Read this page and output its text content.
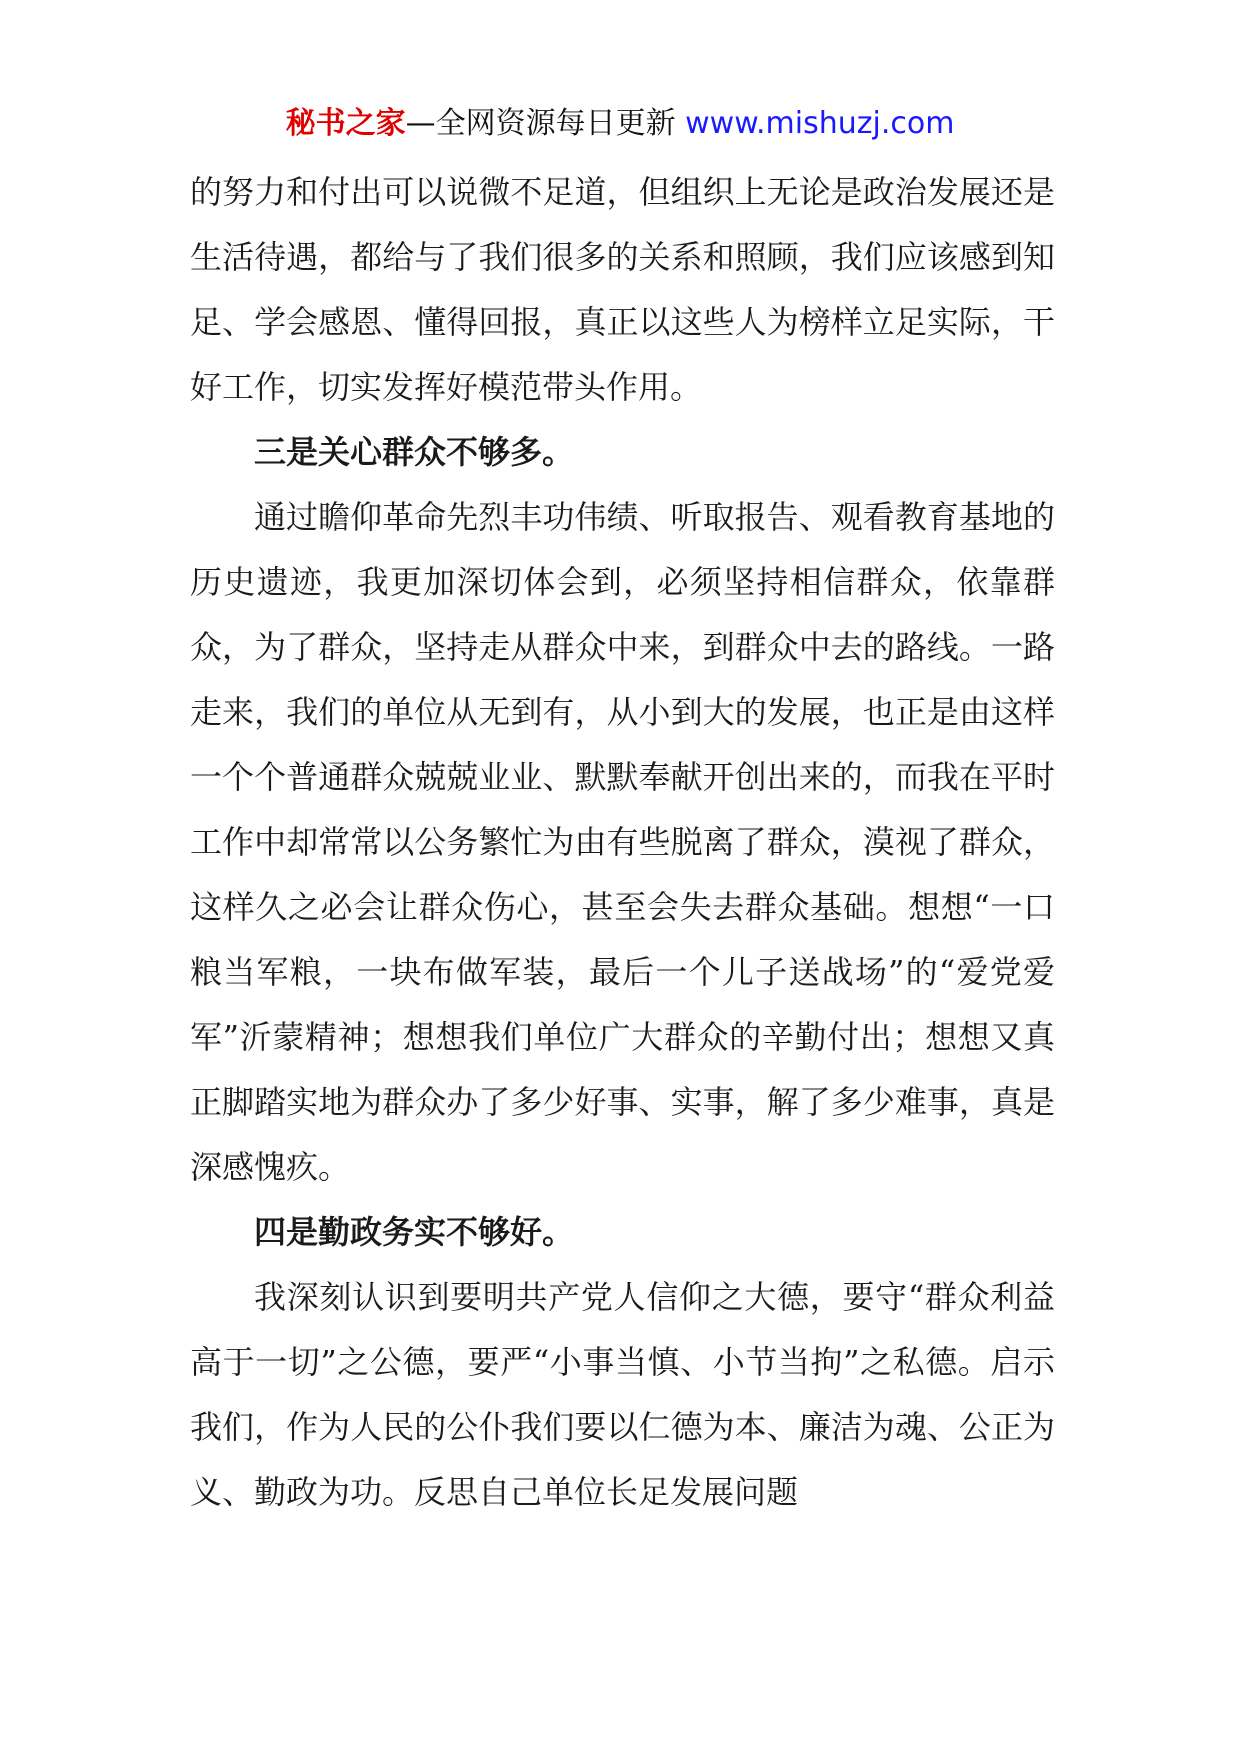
秘书之家—全网资源每日更新 www.mishuzj.com

的努力和付出可以说微不足道，但组织上无论是政治发展还是生活待遇，都给与了我们很多的关系和照顾，我们应该感到知足、学会感恩、懂得回报，真正以这些人为榜样立足实际，干好工作，切实发挥好模范带头作用。

三是关心群众不够多。

通过瞻仰革命先烈丰功伟绩、听取报告、观看教育基地的历史遗迹，我更加深切体会到，必须坚持相信群众，依靠群众，为了群众，坚持走从群众中来，到群众中去的路线。一路走来，我们的单位从无到有，从小到大的发展，也正是由这样一个个普通群众兢兢业业、默默奉献开创出来的，而我在平时工作中却常常以公务繁忙为由有些脱离了群众，漠视了群众，这样久之必会让群众伤心，甚至会失去群众基础。想想“一口粮当军粮，一块布做军装，最后一个儿子送战场”的“爱党爱军”沂蒙精神；想想我们单位广大群众的辛勤付出；想想又真正脚踏实地为群众办了多少好事、实事，解了多少难事，真是深感愧疚。

四是勤政务实不够好。

我深刻认识到要明共产党人信仰之大德，要守“群众利益高于一切”之公德，要严“小事当慎、小节当拘”之私德。启示我们，作为人民的公仆我们要以仁德为本、廉洁为魂、公正为义、勤政为功。反思自己单位长足发展问题
